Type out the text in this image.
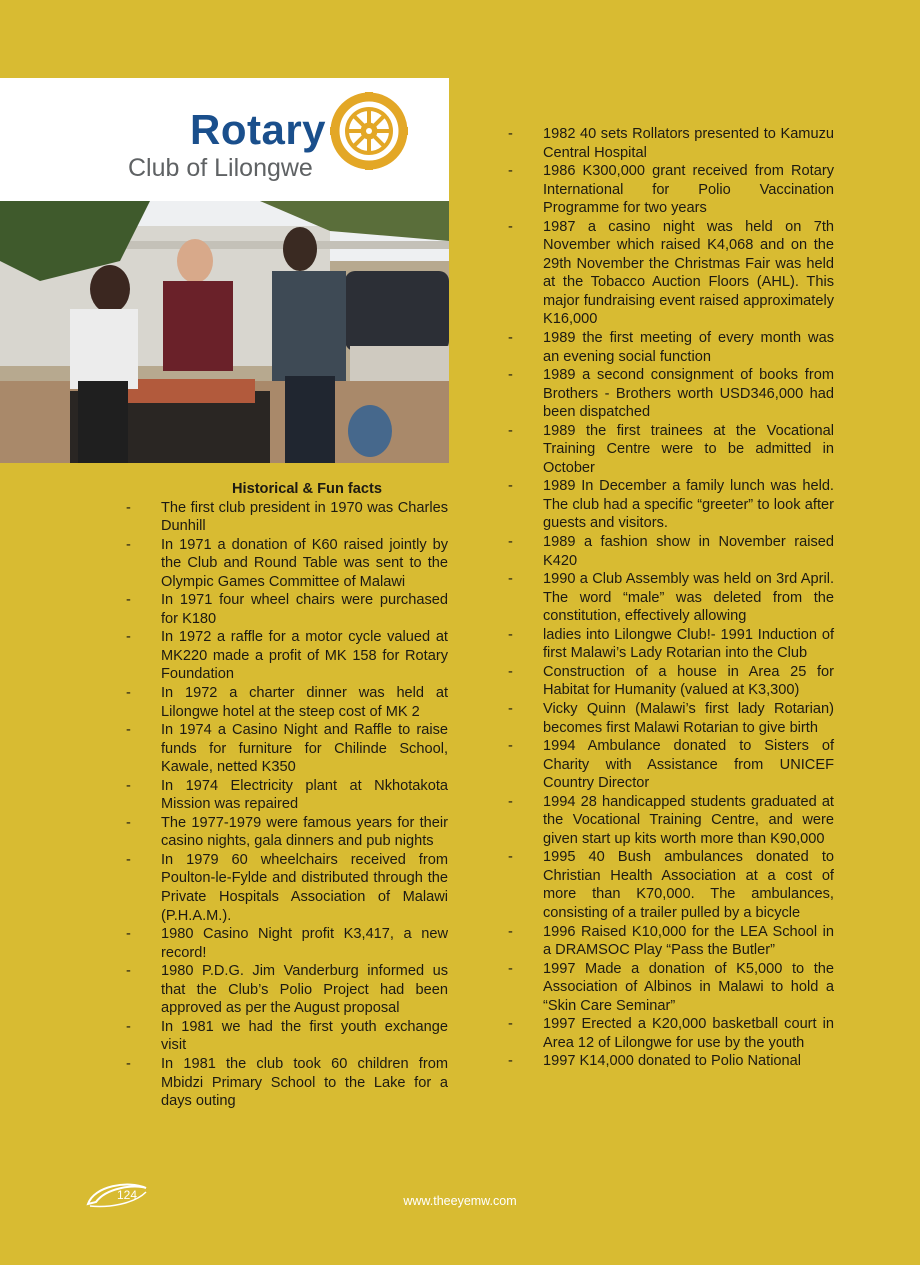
Rotary
Club of Lilongwe

Historical & Fun facts

- The first club president in 1970 was Charles Dunhill
- In 1971 a donation of K60 raised jointly by the Club and Round Table was sent to the Olympic Games Committee of Malawi
- In 1971 four wheel chairs were purchased for K180
- In 1972 a raffle for a motor cycle valued at MK220 made a profit of MK 158 for Rotary Foundation
- In 1972 a charter dinner was held at Lilongwe hotel at the steep cost of MK 2
- In 1974 a Casino Night and Raffle to raise funds for furniture for Chilinde School, Kawale, netted K350
- In 1974 Electricity plant at Nkhotakota Mission was repaired
- The 1977-1979 were famous years for their casino nights, gala dinners and pub nights
- In 1979 60 wheelchairs received from Poulton-le-Fylde and distributed through the Private Hospitals Association of Malawi (P.H.A.M.).
- 1980 Casino Night profit K3,417, a new record!
- 1980 P.D.G. Jim Vanderburg informed us that the Club’s Polio Project had been approved as per the August proposal
- In 1981 we had the first youth exchange visit
- In 1981 the club took 60 children from Mbidzi Primary School to the Lake for a days outing
- 1982 40 sets Rollators presented to Kamuzu Central Hospital
- 1986 K300,000 grant received from Rotary International for Polio Vaccination Programme for two years
- 1987 a casino night was held on 7th November which raised K4,068 and on the 29th November the Christmas Fair was held at the Tobacco Auction Floors (AHL). This major fundraising event raised approximately K16,000
- 1989 the first meeting of every month was an evening social function
- 1989 a second consignment of books from Brothers - Brothers worth USD346,000 had been dispatched
- 1989 the first trainees at the Vocational Training Centre were to be admitted in October
- 1989 In December a family lunch was held. The club had a specific “greeter” to look after guests and visitors.
- 1989 a fashion show in November raised K420
- 1990 a Club Assembly was held on 3rd April. The word “male” was deleted from the constitution, effectively allowing
- ladies into Lilongwe Club!- 1991 Induction of first Malawi’s Lady Rotarian into the Club
- Construction of a house in Area 25 for Habitat for Humanity (valued at K3,300)
- Vicky Quinn (Malawi’s first lady Rotarian) becomes first Malawi Rotarian to give birth
- 1994 Ambulance donated to Sisters of Charity with Assistance from UNICEF Country Director
- 1994 28 handicapped students graduated at the Vocational Training Centre, and were given start up kits worth more than K90,000
- 1995 40 Bush ambulances donated to Christian Health Association at a cost of more than K70,000. The ambulances, consisting of a trailer pulled by a bicycle
- 1996 Raised K10,000 for the LEA School in a DRAMSOC Play “Pass the Butler”
- 1997 Made a donation of K5,000 to the Association of Albinos in Malawi to hold a “Skin Care Seminar”
- 1997 Erected a K20,000 basketball court in Area 12 of Lilongwe for use by the youth
- 1997 K14,000 donated to Polio National
124	www.theeyemw.com
